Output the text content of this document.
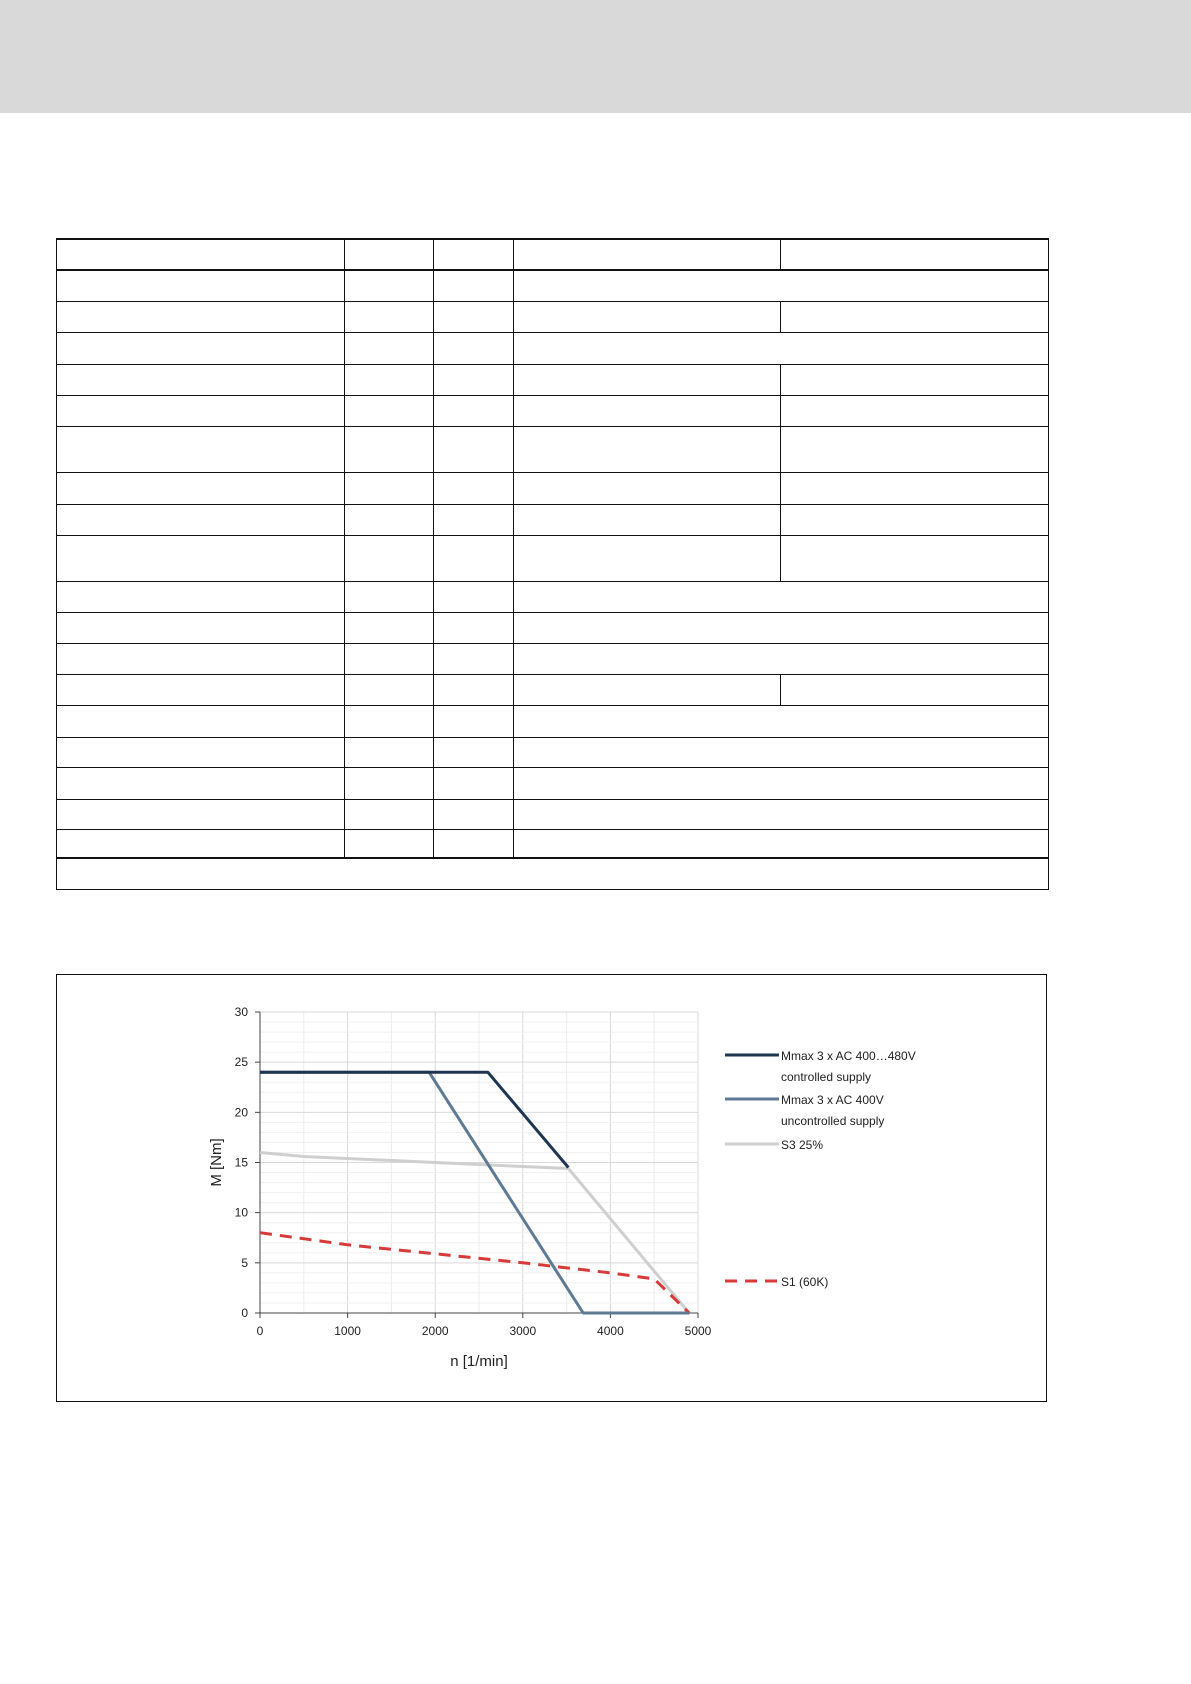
0	1000	2000	3000	4000	5000
0
5
10
15
20
25
30
n [1/min]
M [Nm]
Mmax 3 x AC 400…480V
controlled supply
Mmax 3 x AC 400V
uncontrolled supply
S3 25%
S1 (60K)
